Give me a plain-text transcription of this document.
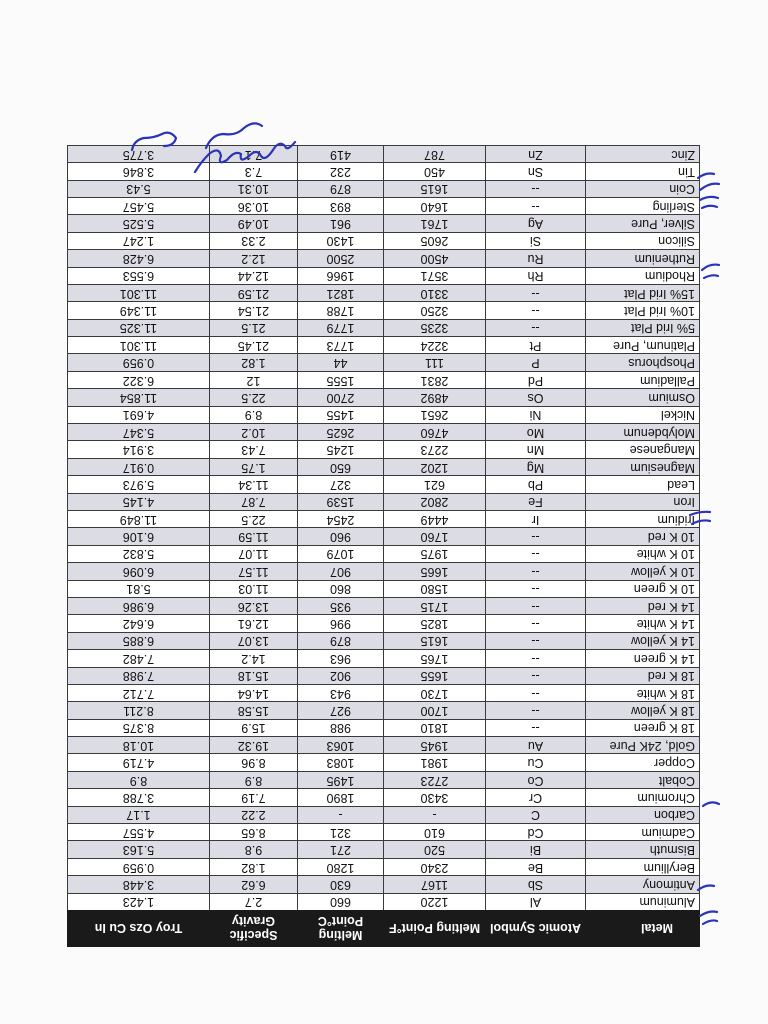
Metal	Atomic Symbol	Melting Point°F	Melting Point°C	Specific Gravity	Troy Ozs Cu In
Aluminum	Al	1220	660	2.7	1.423
Antimony	Sb	1167	630	6.62	3.448
Beryllium	Be	2340	1280	1.82	0.959
Bismuth	Bi	520	271	9.8	5.163
Cadmium	Cd	610	321	8.65	4.557
Carbon	C	-	-	2.22	1.17
Chromium	Cr	3430	1890	7.19	3.788
Cobalt	Co	2723	1495	8.9	8.9
Copper	Cu	1981	1083	8.96	4.719
Gold, 24K Pure	Au	1945	1063	19.32	10.18
18 K green	--	1810	988	15.9	8.375
18 K yellow	--	1700	927	15.58	8.211
18 K white	--	1730	943	14.64	7.712
18 K red	--	1655	902	15.18	7.988
14 K green	--	1765	963	14.2	7.482
14 K yellow	--	1615	879	13.07	6.885
14 K white	--	1825	996	12.61	6.642
14 K red	--	1715	935	13.26	6.986
10 K green	--	1580	860	11.03	5.81
10 K yellow	--	1665	907	11.57	6.096
10 K white	--	1975	1079	11.07	5.832
10 K red	--	1760	960	11.59	6.106
Iridium	Ir	4449	2454	22.5	11.849
Iron	Fe	2802	1539	7.87	4.145
Lead	Pb	621	327	11.34	5.973
Magnesium	Mg	1202	650	1.75	0.917
Manganese	Mn	2273	1245	7.43	3.914
Molybdenum	Mo	4760	2625	10.2	5.347
Nickel	Ni	2651	1455	8.9	4.691
Osmium	Os	4892	2700	22.5	11.854
Palladium	Pd	2831	1555	12	6.322
Phosphorus	P	111	44	1.82	0.959
Platinum, Pure	Pt	3224	1773	21.45	11.301
5% Irid Plat	--	3235	1779	21.5	11.325
10% Irid Plat	--	3250	1788	21.54	11.349
15% Irid Plat	--	3310	1821	21.59	11.301
Rhodium	Rh	3571	1966	12.44	6.553
Ruthenium	Ru	4500	2500	12.2	6.428
Silicon	Si	2605	1430	2.33	1.247
Silver, Pure	Ag	1761	961	10.49	5.525
Sterling	--	1640	893	10.36	5.457
Coin	--	1615	879	10.31	5.43
Tin	Sn	450	232	7.3	3.846
Zinc	Zn	787	419	7.1	3.775
